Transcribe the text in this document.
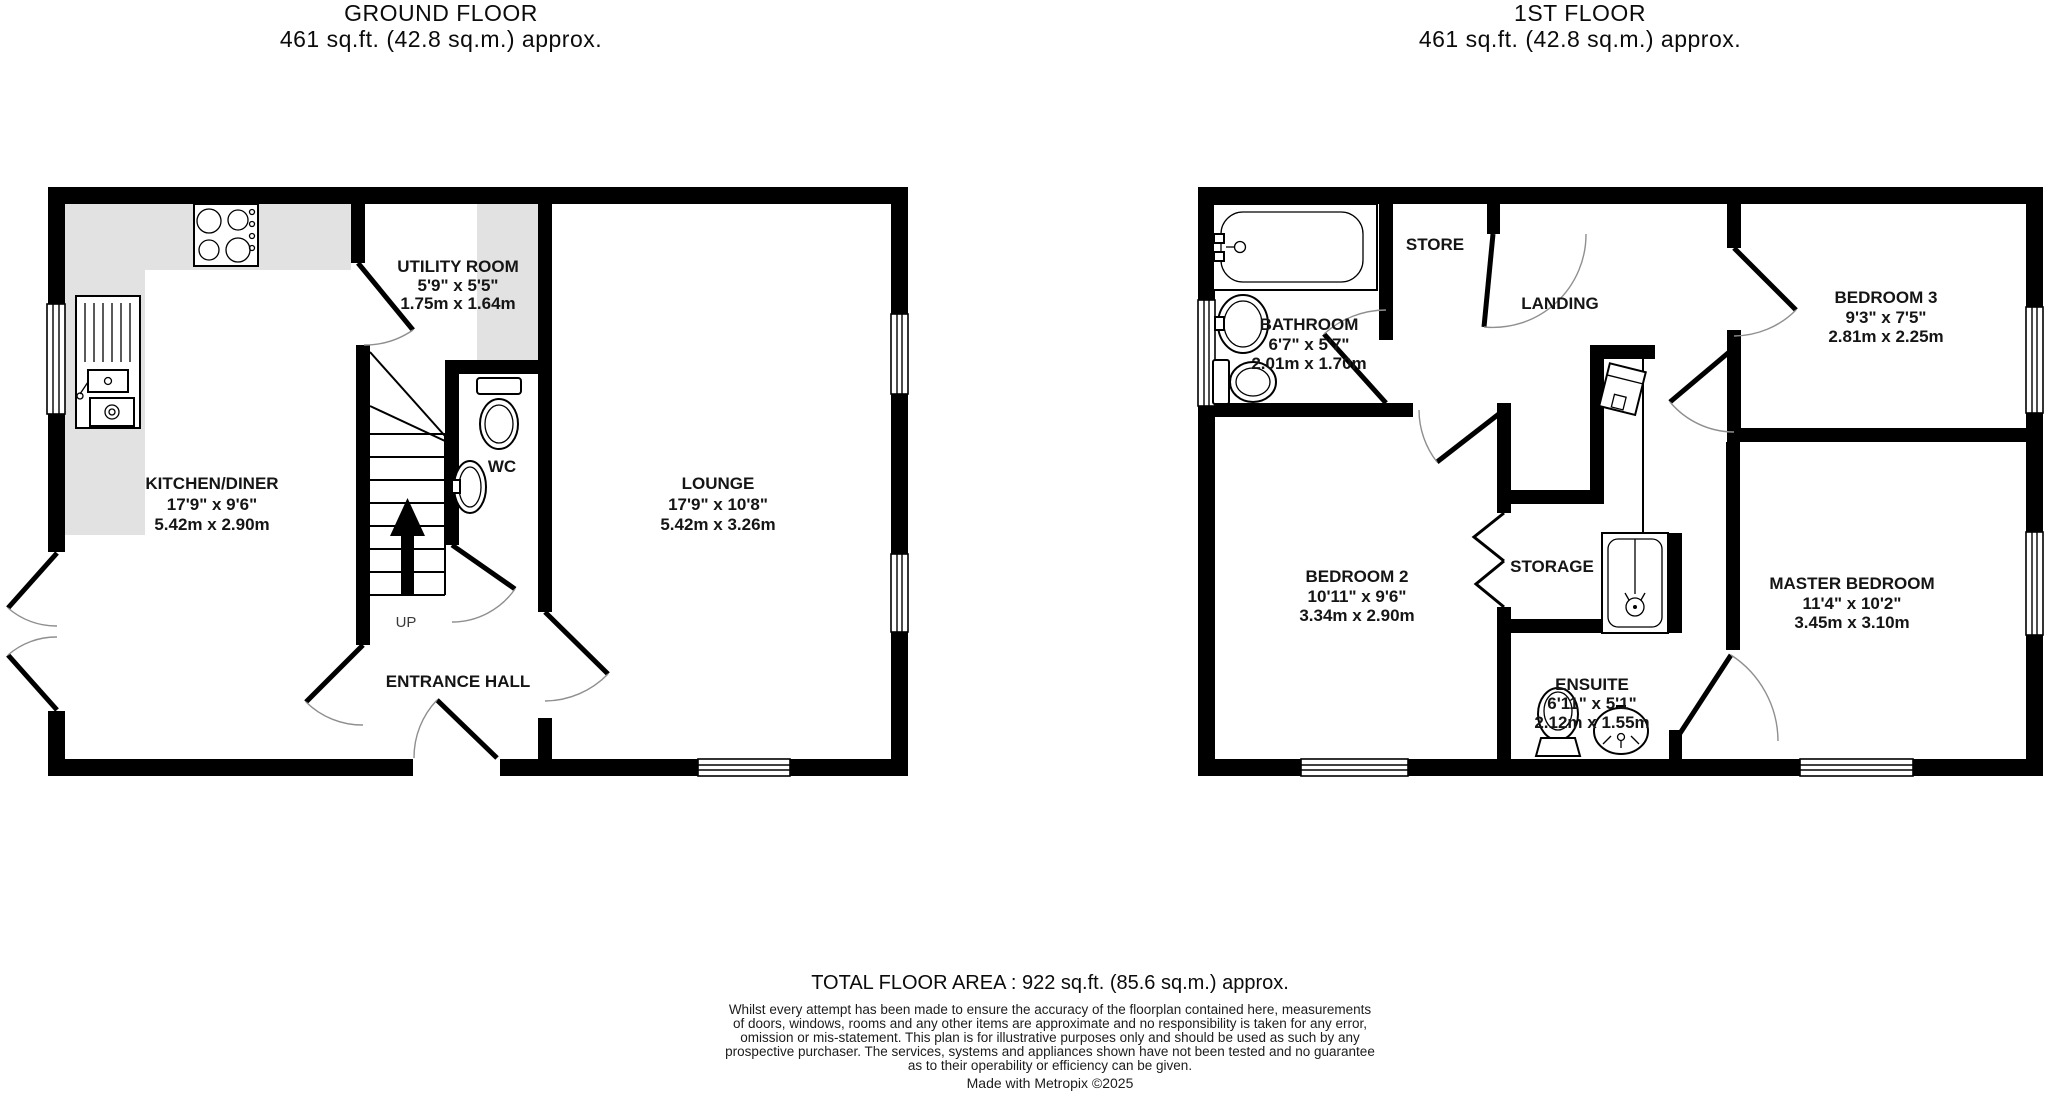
GROUND FLOOR
461 sq.ft. (42.8 sq.m.) approx.
1ST FLOOR
461 sq.ft. (42.8 sq.m.) approx.
KITCHEN/DINER
17'9" x 9'6"
5.42m x 2.90m
UTILITY ROOM
5'9" x 5'5"
1.75m x 1.64m
LOUNGE
17'9" x 10'8"
5.42m x 3.26m
WC
ENTRANCE HALL
UP
BATHROOM
6'7" x 5'7"
2.01m x 1.70m
STORE
LANDING	BEDROOM 3
9'3" x 7'5"
2.81m x 2.25m
BEDROOM 2
10'11" x 9'6"
3.34m x 2.90m
STORAGE
ENSUITE
6'11" x 5'1"
2.12m x 1.55m
MASTER BEDROOM
11'4" x 10'2"
3.45m x 3.10m
TOTAL FLOOR AREA : 922 sq.ft. (85.6 sq.m.) approx.
Whilst every attempt has been made to ensure the accuracy of the floorplan contained here, measurements
of doors, windows, rooms and any other items are approximate and no responsibility is taken for any error,
omission or mis-statement. This plan is for illustrative purposes only and should be used as such by any
prospective purchaser. The services, systems and appliances shown have not been tested and no guarantee
as to their operability or efficiency can be given.
Made with Metropix ©2025
